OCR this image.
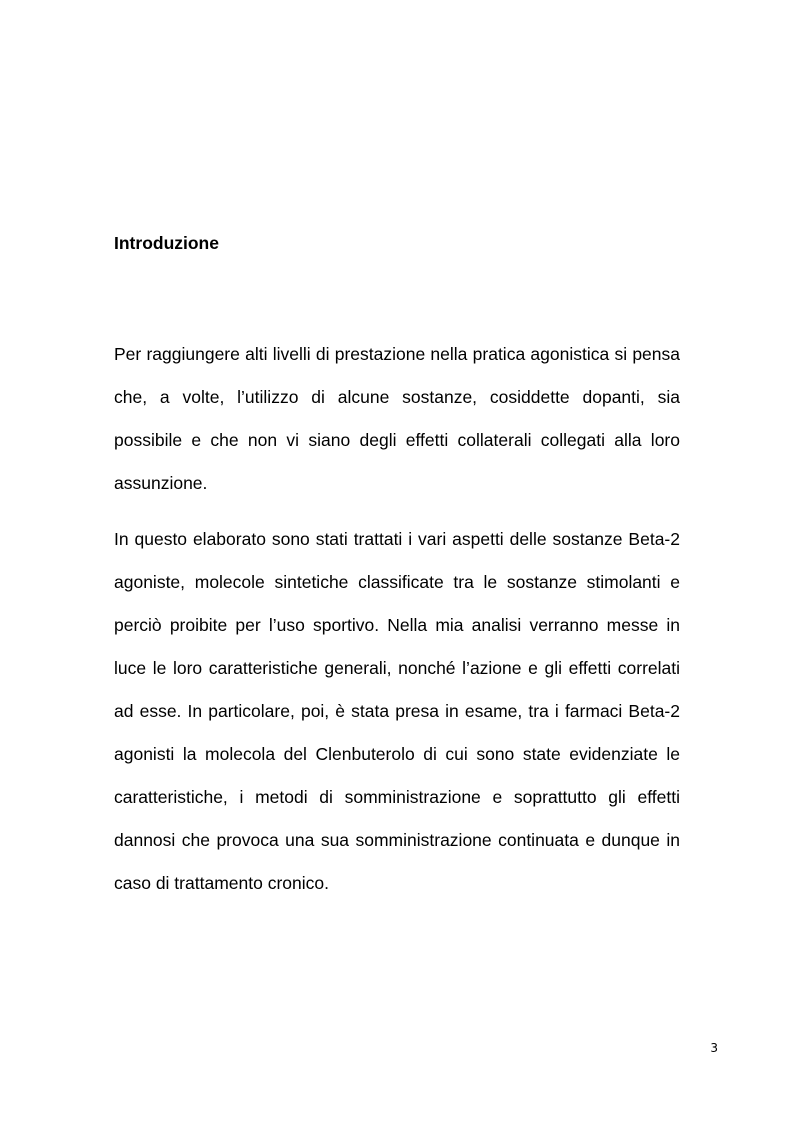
Introduzione

Per raggiungere alti livelli di prestazione nella pratica agonistica si pensa che, a volte, l’utilizzo di alcune sostanze, cosiddette dopanti, sia possibile e che non vi siano degli effetti collaterali collegati alla loro assunzione.

In questo elaborato sono stati trattati i vari aspetti delle sostanze Beta-2 agoniste, molecole sintetiche classificate tra le sostanze stimolanti e perciò proibite per l’uso sportivo. Nella mia analisi verranno messe in luce le loro caratteristiche generali, nonché l’azione e gli effetti correlati ad esse. In particolare, poi, è stata presa in esame, tra i farmaci Beta-2 agonisti la molecola del Clenbuterolo di cui sono state evidenziate le caratteristiche, i metodi di somministrazione e soprattutto gli effetti dannosi che provoca una sua somministrazione continuata e dunque in caso di trattamento cronico.

3
